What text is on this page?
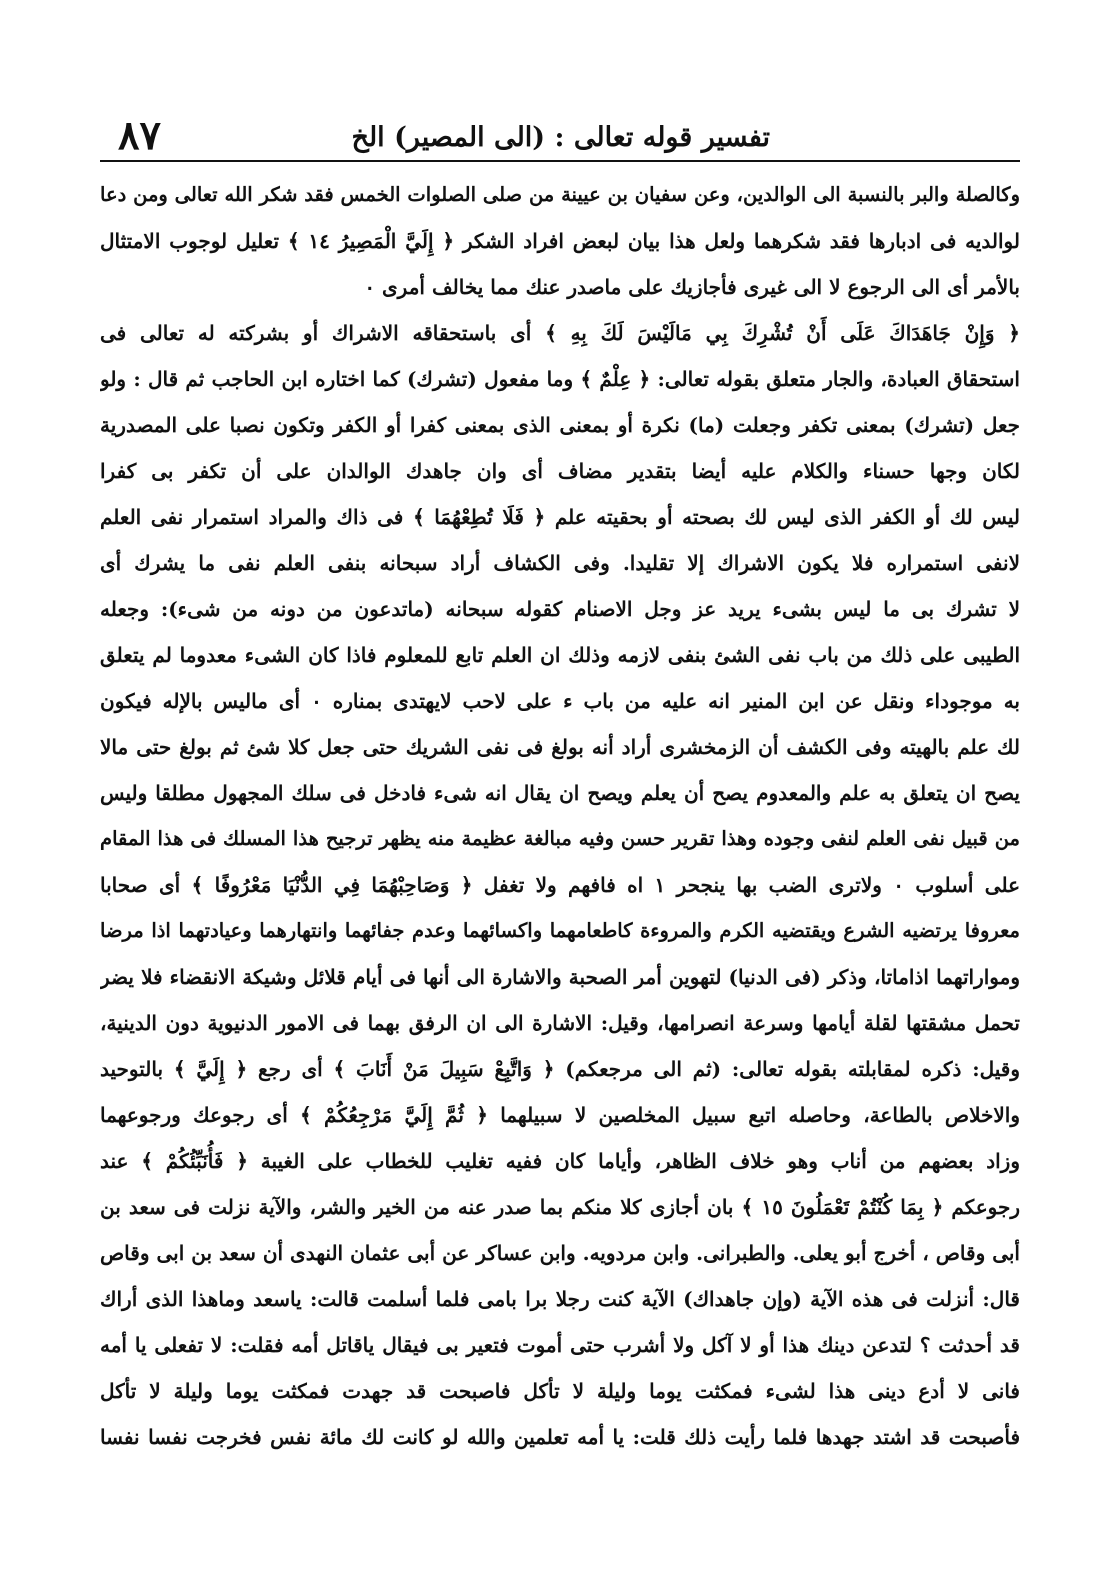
تفسير قوله تعالى : (الى المصير) الخ
٨٧
وكالصلة والبر بالنسبة الى الوالدين، وعن سفيان بن عيينة من صلى الصلوات الخمس فقد شكر الله تعالى ومن دعا
لوالديه فى ادبارها فقد شكرهما ولعل هذا بيان لبعض افراد الشكر ﴿ إِلَيَّ الْمَصِيرُ ١٤ ﴾ تعليل لوجوب الامتثال
بالأمر أى الى الرجوع لا الى غيرى فأجازيك على ماصدر عنك مما يخالف أمرى ٠
﴿ وَإِنْ جَاهَدَاكَ عَلَى أَنْ تُشْرِكَ بِي مَالَيْسَ لَكَ بِهِ ﴾ أى باستحقاقه الاشراك أو بشركته له تعالى فى
استحقاق العبادة، والجار متعلق بقوله تعالى: ﴿ عِلْمٌ ﴾ وما مفعول (تشرك) كما اختاره ابن الحاجب ثم قال : ولو
جعل (تشرك) بمعنى تكفر وجعلت (ما) نكرة أو بمعنى الذى بمعنى كفرا أو الكفر وتكون نصبا على المصدرية
لكان وجها حسناء والكلام عليه أيضا بتقدير مضاف أى وان جاهدك الوالدان على أن تكفر بى كفرا
ليس لك أو الكفر الذى ليس لك بصحته أو بحقيته علم ﴿ فَلَا تُطِعْهُمَا ﴾ فى ذاك والمراد استمرار نفى العلم
لانفى استمراره فلا يكون الاشراك إلا تقليدا. وفى الكشاف أراد سبحانه بنفى العلم نفى ما يشرك أى
لا تشرك بى ما ليس بشىء يريد عز وجل الاصنام كقوله سبحانه (ماتدعون من دونه من شىء): وجعله
الطيبى على ذلك من باب نفى الشئ بنفى لازمه وذلك ان العلم تابع للمعلوم فاذا كان الشىء معدوما لم يتعلق
به موجوداء ونقل عن ابن المنير انه عليه من باب ء على لاحب لايهتدى بمناره ٠ أى ماليس بالإله فيكون
لك علم بالهيته وفى الكشف أن الزمخشرى أراد أنه بولغ فى نفى الشريك حتى جعل كلا شئ ثم بولغ حتى مالا
يصح ان يتعلق به علم والمعدوم يصح أن يعلم ويصح ان يقال انه شىء فادخل فى سلك المجهول مطلقا وليس
من قبيل نفى العلم لنفى وجوده وهذا تقرير حسن وفيه مبالغة عظيمة منه يظهر ترجيح هذا المسلك فى هذا المقام
على أسلوب ٠ ولاترى الضب بها ينجحر ١ اه فافهم ولا تغفل ﴿ وَصَاحِبْهُمَا فِي الدُّنْيَا مَعْرُوفًا ﴾ أى صحابا
معروفا يرتضيه الشرع ويقتضيه الكرم والمروءة كاطعامهما واكسائهما وعدم جفائهما وانتهارهما وعيادتهما اذا مرضا
ومواراتهما اذاماتا، وذكر (فى الدنيا) لتهوين أمر الصحبة والاشارة الى أنها فى أيام قلائل وشيكة الانقضاء فلا يضر
تحمل مشقتها لقلة أيامها وسرعة انصرامها، وقيل: الاشارة الى ان الرفق بهما فى الامور الدنيوية دون الدينية،
وقيل: ذكره لمقابلته بقوله تعالى: (ثم الى مرجعكم) ﴿ وَاتَّبِعْ سَبِيلَ مَنْ أَنَابَ ﴾ أى رجع ﴿ إِلَيَّ ﴾ بالتوحيد
والاخلاص بالطاعة، وحاصله اتبع سبيل المخلصين لا سبيلهما ﴿ ثُمَّ إِلَيَّ مَرْجِعُكُمْ ﴾ أى رجوعك ورجوعهما
وزاد بعضهم من أناب وهو خلاف الظاهر، وأياما كان ففيه تغليب للخطاب على الغيبة ﴿ فَأُنَبِّئُكُمْ ﴾ عند
رجوعكم ﴿ بِمَا كُنْتُمْ تَعْمَلُونَ ١٥ ﴾ بان أجازى كلا منكم بما صدر عنه من الخير والشر، والآية نزلت فى سعد بن
أبى وقاص ، أخرج أبو يعلى. والطبرانى. وابن مردويه. وابن عساكر عن أبى عثمان النهدى أن سعد بن ابى وقاص
قال: أنزلت فى هذه الآية (وإن جاهداك) الآية كنت رجلا برا بامى فلما أسلمت قالت: ياسعد وماهذا الذى أراك
قد أحدثت ؟ لتدعن دينك هذا أو لا آكل ولا أشرب حتى أموت فتعير بى فيقال ياقاتل أمه فقلت: لا تفعلى يا أمه
فانى لا أدع دينى هذا لشىء فمكثت يوما وليلة لا تأكل فاصبحت قد جهدت فمكثت يوما وليلة لا تأكل
فأصبحت قد اشتد جهدها فلما رأيت ذلك قلت: يا أمه تعلمين والله لو كانت لك مائة نفس فخرجت نفسا نفسا
